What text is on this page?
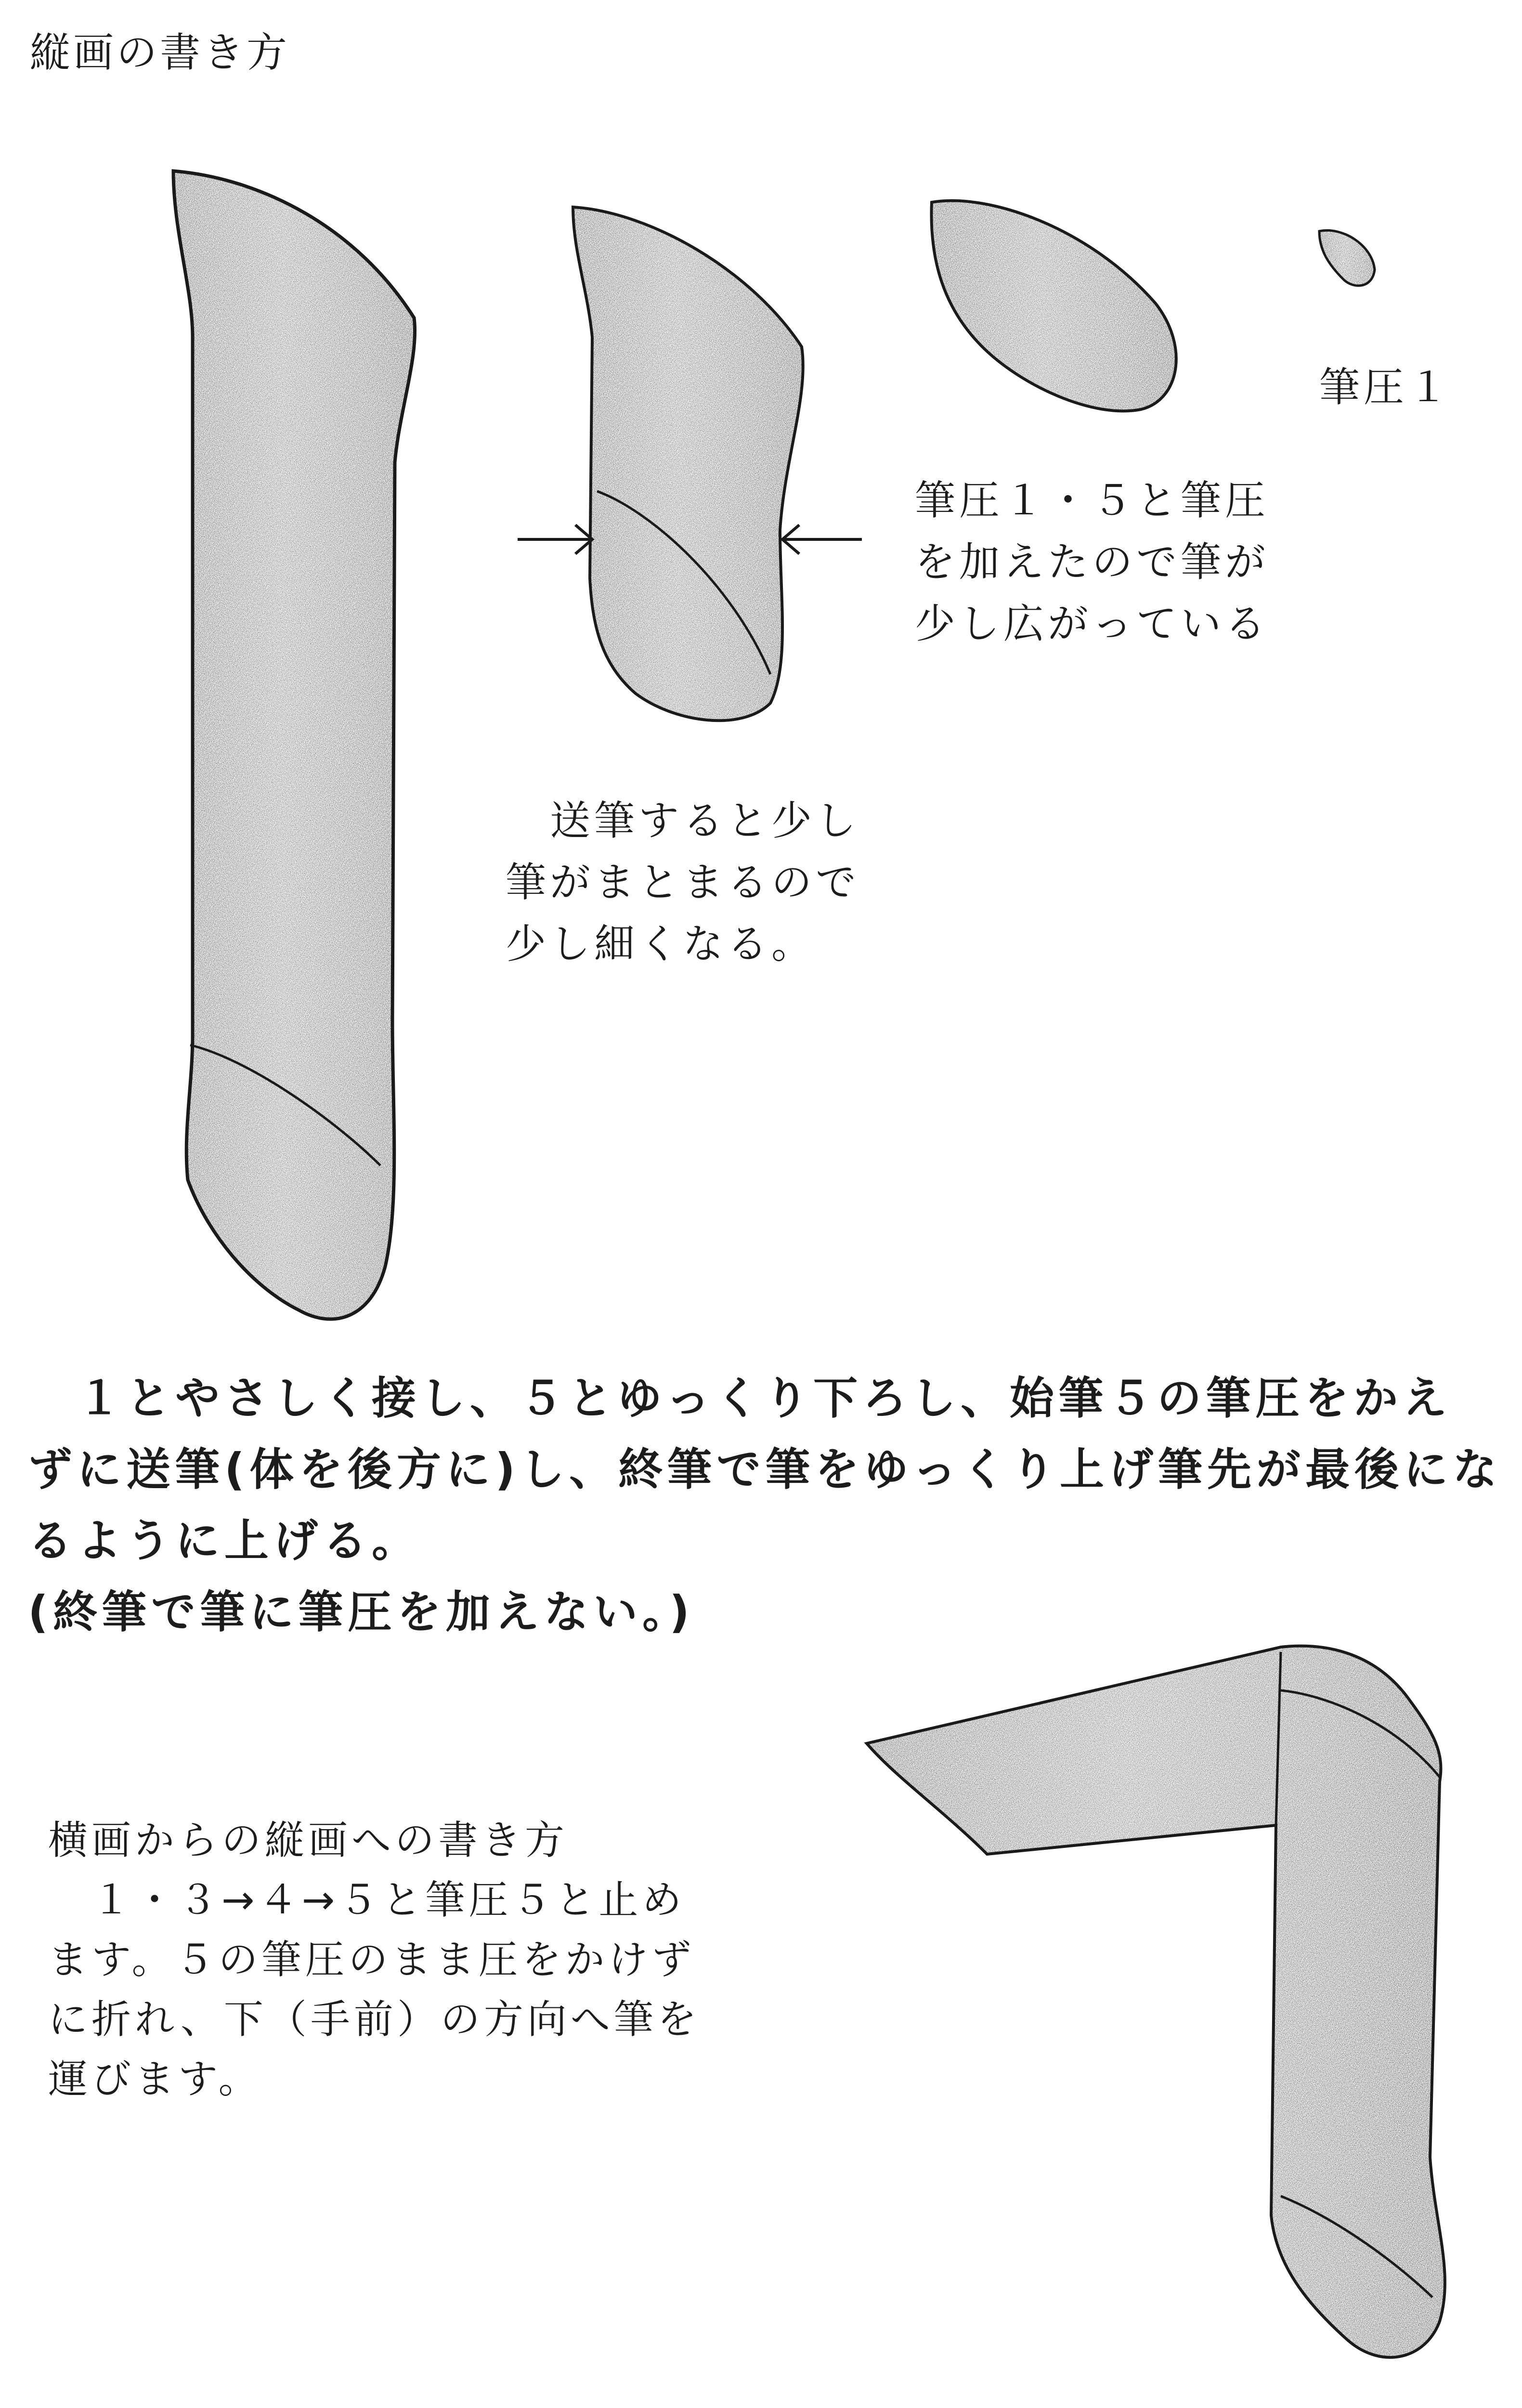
縦画の書き方
筆圧１
筆圧１・５と筆圧
を加えたので筆が
少し広がっている
　送筆すると少し
筆がまとまるので
少し細くなる。
　１とやさしく接し、５とゆっくり下ろし、始筆５の筆圧をかえ
ずに送筆(体を後方に)し、終筆で筆をゆっくり上げ筆先が最後にな
るように上げる。
(終筆で筆に筆圧を加えない。)
横画からの縦画への書き方
　１・３→４→５と筆圧５と止め
ます。５の筆圧のまま圧をかけず
に折れ、下（手前）の方向へ筆を
運びます。
